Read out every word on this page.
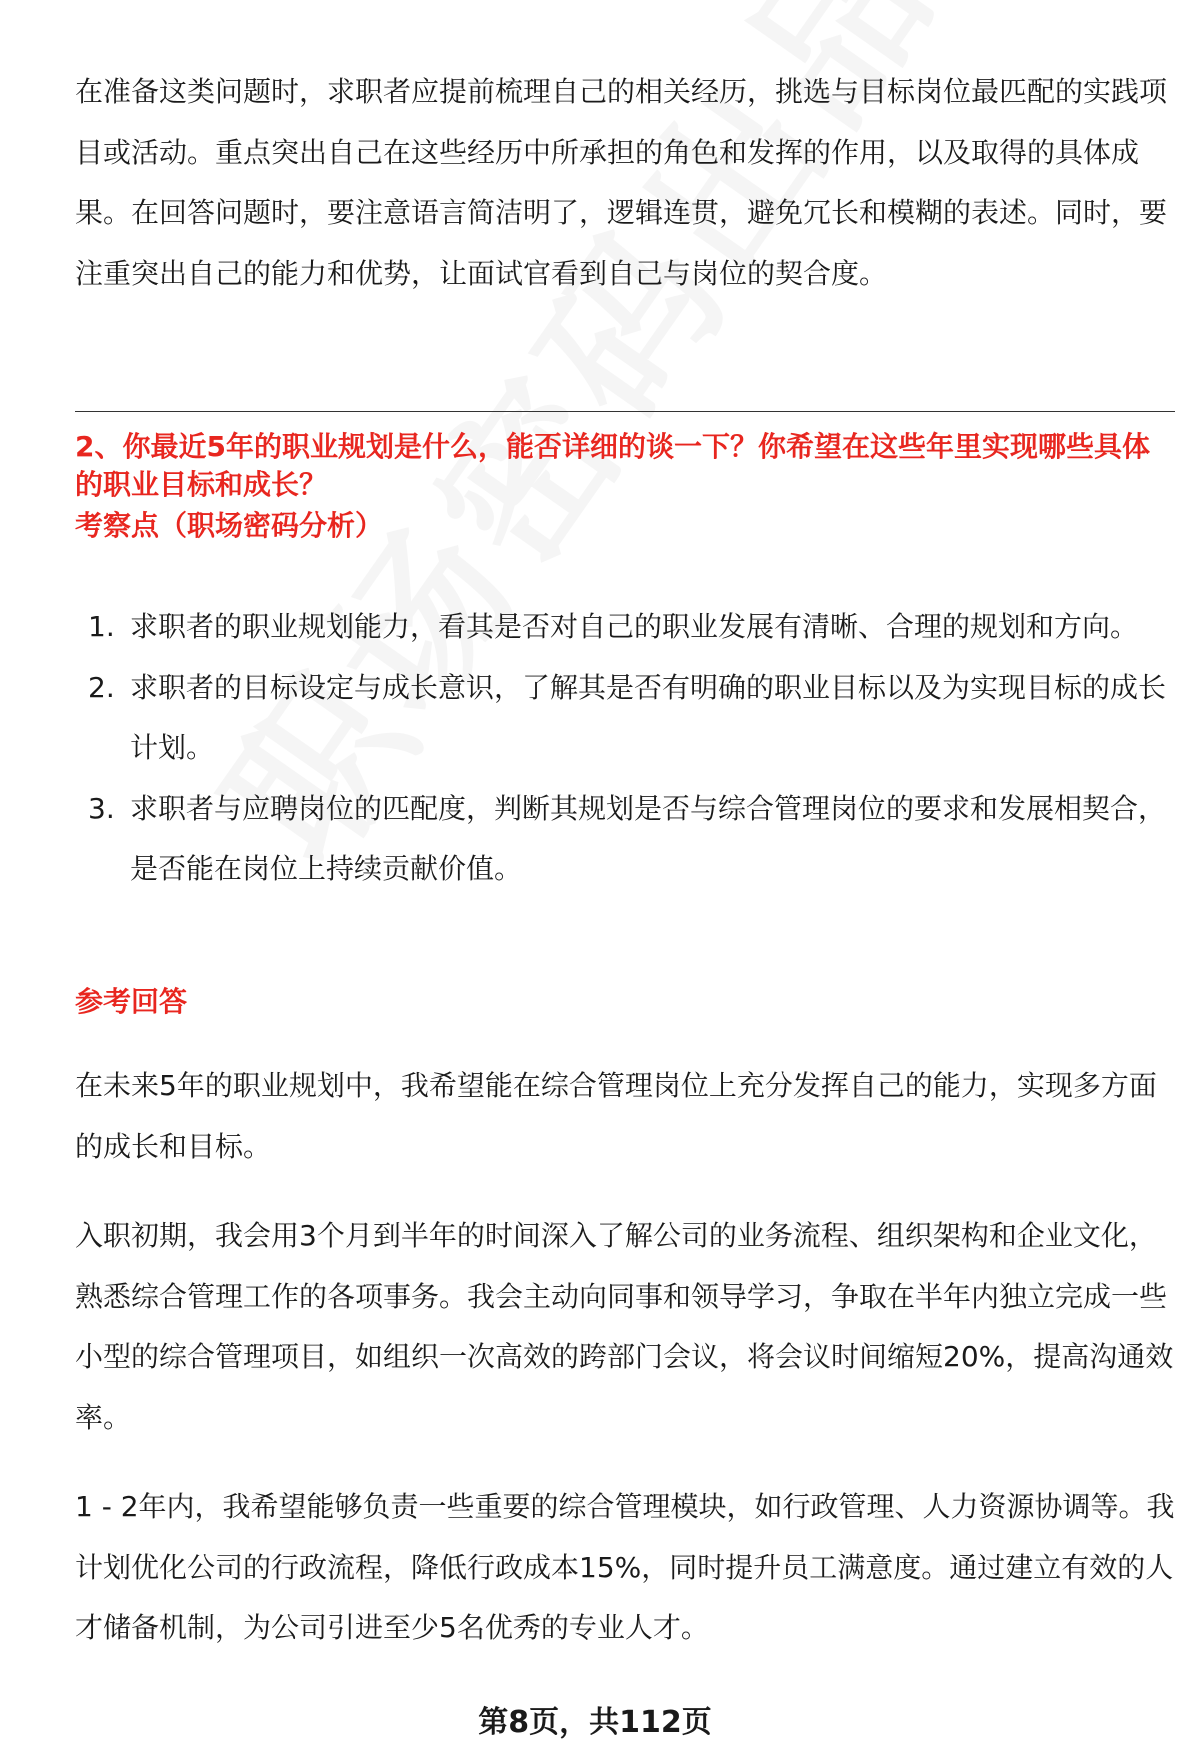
在准备这类问题时，求职者应提前梳理自己的相关经历，挑选与目标岗位最匹配的实践项目或活动。重点突出自己在这些经历中所承担的角色和发挥的作用，以及取得的具体成果。在回答问题时，要注意语言简洁明了，逻辑连贯，避免冗长和模糊的表述。同时，要注重突出自己的能力和优势，让面试官看到自己与岗位的契合度。

2、你最近5年的职业规划是什么，能否详细的谈一下？你希望在这些年里实现哪些具体的职业目标和成长？

考察点（职场密码分析）

1. 求职者的职业规划能力，看其是否对自己的职业发展有清晰、合理的规划和方向。
2. 求职者的目标设定与成长意识，了解其是否有明确的职业目标以及为实现目标的成长计划。
3. 求职者与应聘岗位的匹配度，判断其规划是否与综合管理岗位的要求和发展相契合，是否能在岗位上持续贡献价值。

参考回答

在未来5年的职业规划中，我希望能在综合管理岗位上充分发挥自己的能力，实现多方面的成长和目标。

入职初期，我会用3个月到半年的时间深入了解公司的业务流程、组织架构和企业文化，熟悉综合管理工作的各项事务。我会主动向同事和领导学习，争取在半年内独立完成一些小型的综合管理项目，如组织一次高效的跨部门会议，将会议时间缩短20%，提高沟通效率。

1 - 2年内，我希望能够负责一些重要的综合管理模块，如行政管理、人力资源协调等。我计划优化公司的行政流程，降低行政成本15%，同时提升员工满意度。通过建立有效的人才储备机制，为公司引进至少5名优秀的专业人才。

第8页，共112页
